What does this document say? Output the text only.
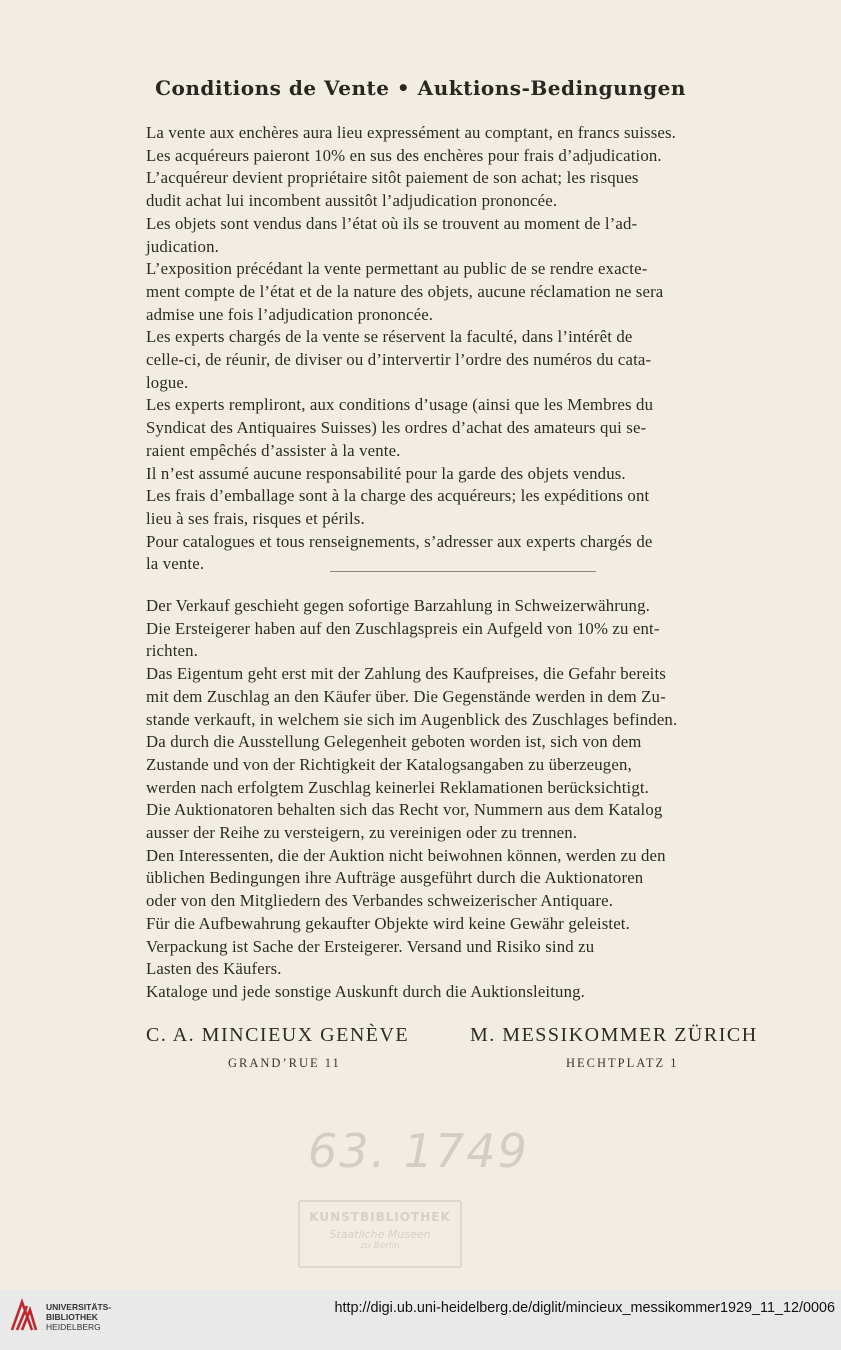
Conditions de Vente • Auktions-Bedingungen

La vente aux enchères aura lieu expressément au comptant, en francs suisses.

Les acquéreurs paieront 10% en sus des enchères pour frais d’adjudication.

L’acquéreur devient propriétaire sitôt paiement de son achat; les risques

dudit achat lui incombent aussitôt l’adjudication prononcée.

Les objets sont vendus dans l’état où ils se trouvent au moment de l’ad-

judication.

L’exposition précédant la vente permettant au public de se rendre exacte-

ment compte de l’état et de la nature des objets, aucune réclamation ne sera

admise une fois l’adjudication prononcée.

Les experts chargés de la vente se réservent la faculté, dans l’intérêt de

celle-ci, de réunir, de diviser ou d’intervertir l’ordre des numéros du cata-

logue.

Les experts rempliront, aux conditions d’usage (ainsi que les Membres du

Syndicat des Antiquaires Suisses) les ordres d’achat des amateurs qui se-

raient empêchés d’assister à la vente.

Il n’est assumé aucune responsabilité pour la garde des objets vendus.

Les frais d’emballage sont à la charge des acquéreurs; les expéditions ont

lieu à ses frais, risques et périls.

Pour catalogues et tous renseignements, s’adresser aux experts chargés de

la vente.

Der Verkauf geschieht gegen sofortige Barzahlung in Schweizerwährung.

Die Ersteigerer haben auf den Zuschlagspreis ein Aufgeld von 10% zu ent-

richten.

Das Eigentum geht erst mit der Zahlung des Kaufpreises, die Gefahr bereits

mit dem Zuschlag an den Käufer über. Die Gegenstände werden in dem Zu-

stande verkauft, in welchem sie sich im Augenblick des Zuschlages befinden.

Da durch die Ausstellung Gelegenheit geboten worden ist, sich von dem

Zustande und von der Richtigkeit der Katalogsangaben zu überzeugen,

werden nach erfolgtem Zuschlag keinerlei Reklamationen berücksichtigt.

Die Auktionatoren behalten sich das Recht vor, Nummern aus dem Katalog

ausser der Reihe zu versteigern, zu vereinigen oder zu trennen.

Den Interessenten, die der Auktion nicht beiwohnen können, werden zu den

üblichen Bedingungen ihre Aufträge ausgeführt durch die Auktionatoren

oder von den Mitgliedern des Verbandes schweizerischer Antiquare.

Für die Aufbewahrung gekaufter Objekte wird keine Gewähr geleistet.

Verpackung ist Sache der Ersteigerer. Versand und Risiko sind zu

Lasten des Käufers.

Kataloge und jede sonstige Auskunft durch die Auktionsleitung.

C. A. MINCIEUX GENÈVE	M. MESSIKOMMER ZÜRICH
GRAND’RUE 11	HECHTPLATZ 1
63. 1749
KUNSTBIBLIOTHEK
Staatliche Museen
zu Berlin
UNIVERSITÄTS-
BIBLIOTHEK
HEIDELBERG
http://digi.ub.uni-heidelberg.de/diglit/mincieux_messikommer1929_11_12/0006
